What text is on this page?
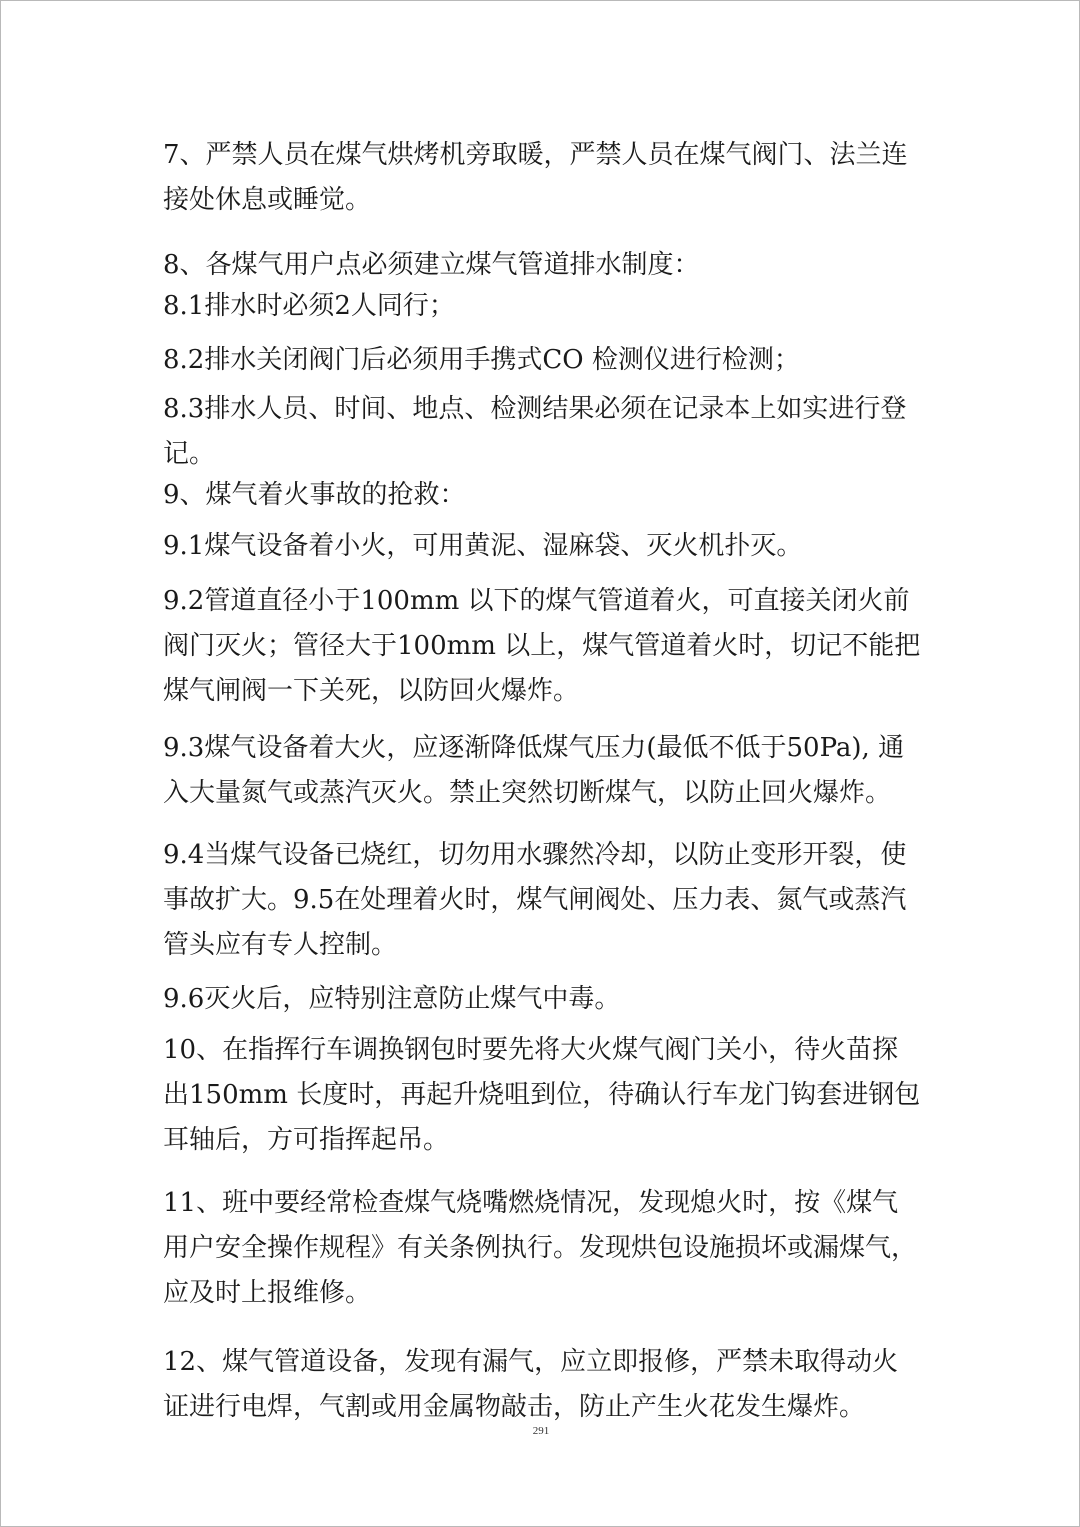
7、严禁人员在煤气烘烤机旁取暖，严禁人员在煤气阀门、法兰连接处休息或睡觉。

8、各煤气用户点必须建立煤气管道排水制度：

8.1排水时必须2人同行；

8.2排水关闭阀门后必须用手携式CO 检测仪进行检测；

8.3排水人员、时间、地点、检测结果必须在记录本上如实进行登记。

9、煤气着火事故的抢救：

9.1煤气设备着小火，可用黄泥、湿麻袋、灭火机扑灭。

9.2管道直径小于100mm 以下的煤气管道着火，可直接关闭火前阀门灭火；管径大于100mm 以上，煤气管道着火时，切记不能把煤气闸阀一下关死，以防回火爆炸。

9.3煤气设备着大火，应逐渐降低煤气压力(最低不低于50Pa), 通入大量氮气或蒸汽灭火。禁止突然切断煤气，以防止回火爆炸。

9.4当煤气设备已烧红，切勿用水骤然冷却，以防止变形开裂，使事故扩大。9.5在处理着火时，煤气闸阀处、压力表、氮气或蒸汽管头应有专人控制。

9.6灭火后，应特别注意防止煤气中毒。

10、在指挥行车调换钢包时要先将大火煤气阀门关小，待火苗探出150mm 长度时，再起升烧咀到位，待确认行车龙门钩套进钢包耳轴后，方可指挥起吊。

11、班中要经常检查煤气烧嘴燃烧情况，发现熄火时，按《煤气用户安全操作规程》有关条例执行。发现烘包设施损坏或漏煤气，应及时上报维修。

12、煤气管道设备，发现有漏气，应立即报修，严禁未取得动火证进行电焊，气割或用金属物敲击，防止产生火花发生爆炸。

291
